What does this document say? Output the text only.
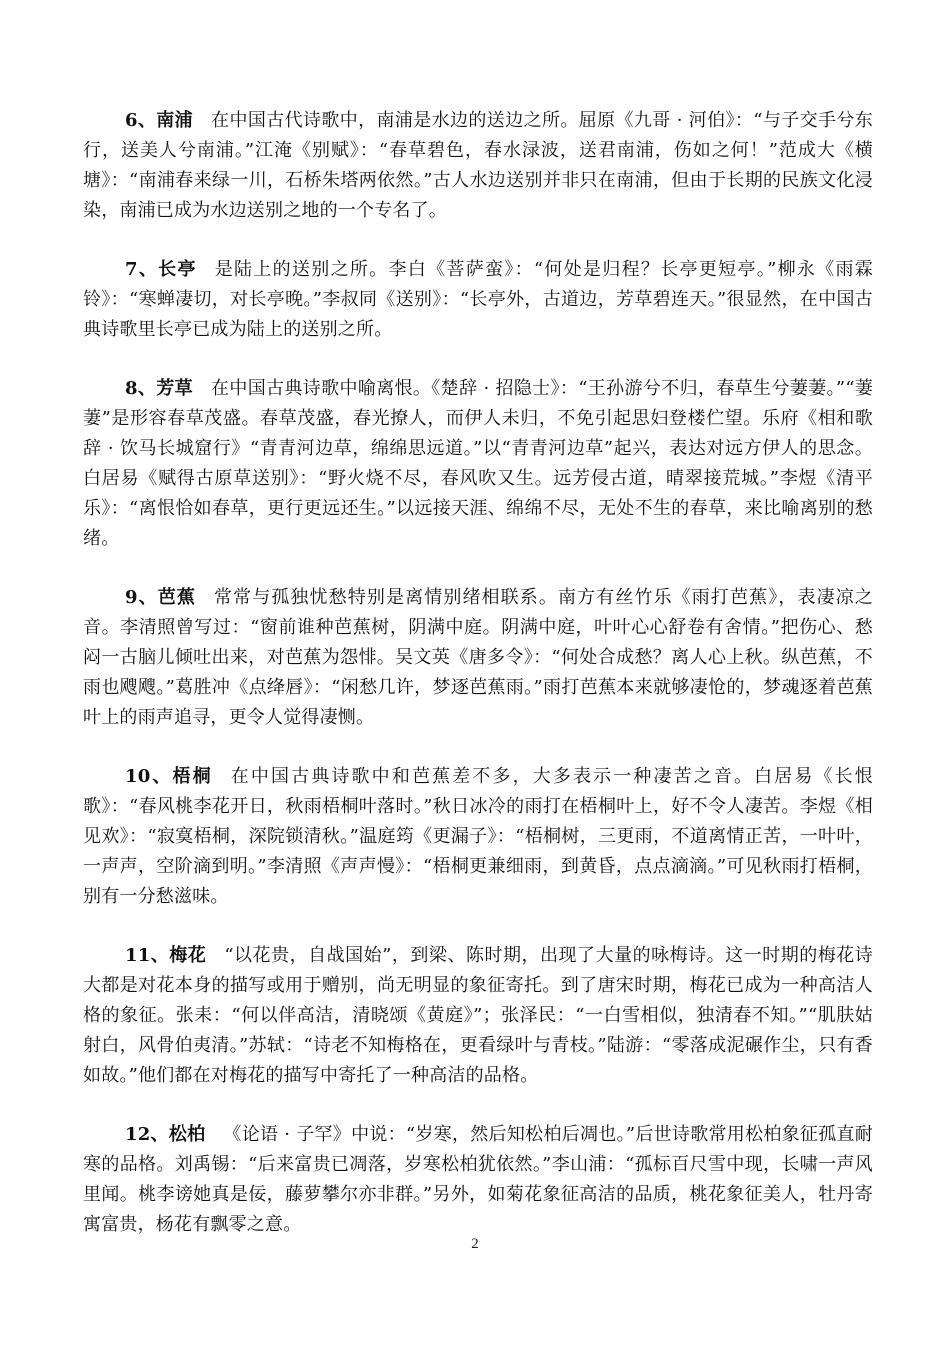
6、南浦 在中国古代诗歌中，南浦是水边的送边之所。屈原《九哥 · 河伯》：“与子交手兮东行，送美人兮南浦。”江淹《别赋》：“春草碧色，春水渌波，送君南浦，伤如之何！”范成大《横塘》：“南浦春来绿一川，石桥朱塔两依然。”古人水边送别并非只在南浦，但由于长期的民族文化浸染，南浦已成为水边送别之地的一个专名了。

7、长亭 是陆上的送别之所。李白《菩萨蛮》：“何处是归程？长亭更短亭。”柳永《雨霖铃》：“寒蝉凄切，对长亭晚。”李叔同《送别》：“长亭外，古道边，芳草碧连天。”很显然，在中国古典诗歌里长亭已成为陆上的送别之所。

8、芳草 在中国古典诗歌中喻离恨。《楚辞 · 招隐士》：“王孙游兮不归，春草生兮萋萋。”“萋萋”是形容春草茂盛。春草茂盛，春光撩人，而伊人未归，不免引起思妇登楼伫望。乐府《相和歌辞 · 饮马长城窟行》“青青河边草，绵绵思远道。”以“青青河边草”起兴，表达对远方伊人的思念。白居易《赋得古原草送别》：“野火烧不尽，春风吹又生。远芳侵古道，晴翠接荒城。”李煜《清平乐》：“离恨恰如春草，更行更远还生。”以远接天涯、绵绵不尽，无处不生的春草，来比喻离别的愁绪。

9、芭蕉 常常与孤独忧愁特别是离情别绪相联系。南方有丝竹乐《雨打芭蕉》，表凄凉之音。李清照曾写过：“窗前谁种芭蕉树，阴满中庭。阴满中庭，叶叶心心舒卷有舍情。”把伤心、愁闷一古脑儿倾吐出来，对芭蕉为怨悱。吴文英《唐多令》：“何处合成愁？离人心上秋。纵芭蕉，不雨也飕飕。”葛胜冲《点绛唇》：“闲愁几许，梦逐芭蕉雨。”雨打芭蕉本来就够凄怆的，梦魂逐着芭蕉叶上的雨声追寻，更令人觉得凄恻。

10、梧桐 在中国古典诗歌中和芭蕉差不多，大多表示一种凄苦之音。白居易《长恨歌》：“春风桃李花开日，秋雨梧桐叶落时。”秋日冰冷的雨打在梧桐叶上，好不令人凄苦。李煜《相见欢》：“寂寞梧桐，深院锁清秋。”温庭筠《更漏子》：“梧桐树，三更雨，不道离情正苦，一叶叶，一声声，空阶滴到明。”李清照《声声慢》：“梧桐更兼细雨，到黄昏，点点滴滴。”可见秋雨打梧桐，别有一分愁滋味。

11、梅花 “以花贵，自战国始”，到梁、陈时期，出现了大量的咏梅诗。这一时期的梅花诗大都是对花本身的描写或用于赠别，尚无明显的象征寄托。到了唐宋时期，梅花已成为一种高洁人格的象征。张耒：“何以伴高洁，清晓颂《黄庭》”；张泽民：“一白雪相似，独清春不知。”“肌肤姑射白，风骨伯夷清。”苏轼：“诗老不知梅格在，更看绿叶与青枝。”陆游：“零落成泥碾作尘，只有香如故。”他们都在对梅花的描写中寄托了一种高洁的品格。

12、松柏 《论语 · 子罕》中说：“岁寒，然后知松柏后凋也。”后世诗歌常用松柏象征孤直耐寒的品格。刘禹锡：“后来富贵已凋落，岁寒松柏犹依然。”李山浦：“孤标百尺雪中现，长啸一声风里闻。桃李谤她真是佞，藤萝攀尔亦非群。”另外，如菊花象征高洁的品质，桃花象征美人，牡丹寄寓富贵，杨花有飘零之意。

2
